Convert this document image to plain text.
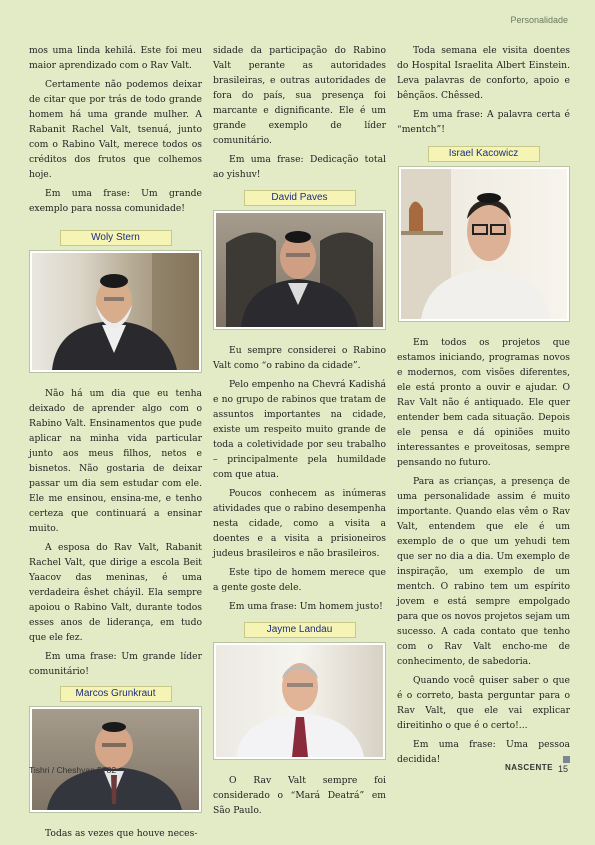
Personalidade

mos uma linda kehilá. Este foi meu maior aprendizado com o Rav Valt.

Certamente não podemos deixar de citar que por trás de todo grande homem há uma grande mulher. A Rabanit Rachel Valt, tsenuá, junto com o Rabino Valt, merece todos os créditos dos frutos que colhemos hoje.

Em uma frase: Um grande exemplo para nossa comunidade!

Woly Stern

Não há um dia que eu tenha deixado de aprender algo com o Rabino Valt. Ensinamentos que pude aplicar na minha vida particular junto aos meus filhos, netos e bisnetos. Não gostaria de deixar passar um dia sem estudar com ele. Ele me ensinou, ensina-me, e tenho certeza que continuará a ensinar muito.

A esposa do Rav Valt, Rabanit Rachel Valt, que dirige a escola Beit Yaacov das meninas, é uma verdadeira êshet cháyil. Ela sempre apoiou o Rabino Valt, durante todos esses anos de liderança, em tudo que ele fez.

Em uma frase: Um grande líder comunitário!

Marcos Grunkraut

Todas as vezes que houve neces-

sidade da participação do Rabino Valt perante as autoridades brasileiras, e outras autoridades de fora do país, sua presença foi marcante e dignificante. Ele é um grande exemplo de líder comunitário.

Em uma frase: Dedicação total ao yishuv!

David Paves

Eu sempre considerei o Rabino Valt como “o rabino da cidade”.

Pelo empenho na Chevrá Kadishá e no grupo de rabinos que tratam de assuntos importantes na cidade, existe um respeito muito grande de toda a coletividade por seu trabalho – principalmente pela humildade com que atua.

Poucos conhecem as inúmeras atividades que o rabino desempenha nesta cidade, como a visita a doentes e a visita a prisioneiros judeus brasileiros e não brasileiros.

Este tipo de homem merece que a gente goste dele.

Em uma frase: Um homem justo!

Jayme Landau

O Rav Valt sempre foi considerado o “Mará Deatrá” em São Paulo.

Toda semana ele visita doentes do Hospital Israelita Albert Einstein. Leva palavras de conforto, apoio e bênçãos. Chêssed.

Em uma frase: A palavra certa é “mentch”!

Israel Kacowicz

Em todos os projetos que estamos iniciando, programas novos e modernos, com visões diferentes, ele está pronto a ouvir e ajudar. O Rav Valt não é antiquado. Ele quer entender bem cada situação. Depois ele pensa e dá opiniões muito interessantes e proveitosas, sempre pensando no futuro.

Para as crianças, a presença de uma personalidade assim é muito importante. Quando elas vêm o Rav Valt, entendem que ele é um exemplo de o que um yehudi tem que ser no dia a dia. Um exemplo de inspiração, um exemplo de um mentch. O rabino tem um espírito jovem e está sempre empolgado para que os novos projetos sejam um sucesso. A cada contato que tenho com o Rav Valt encho-me de conhecimento, de sabedoria.

Quando você quiser saber o que é o correto, basta perguntar para o Rav Valt, que ele vai explicar direitinho o que é o certo!...

Em uma frase: Uma pessoa decidida!

Tishri / Cheshvan 5782	NASCENTE 15
